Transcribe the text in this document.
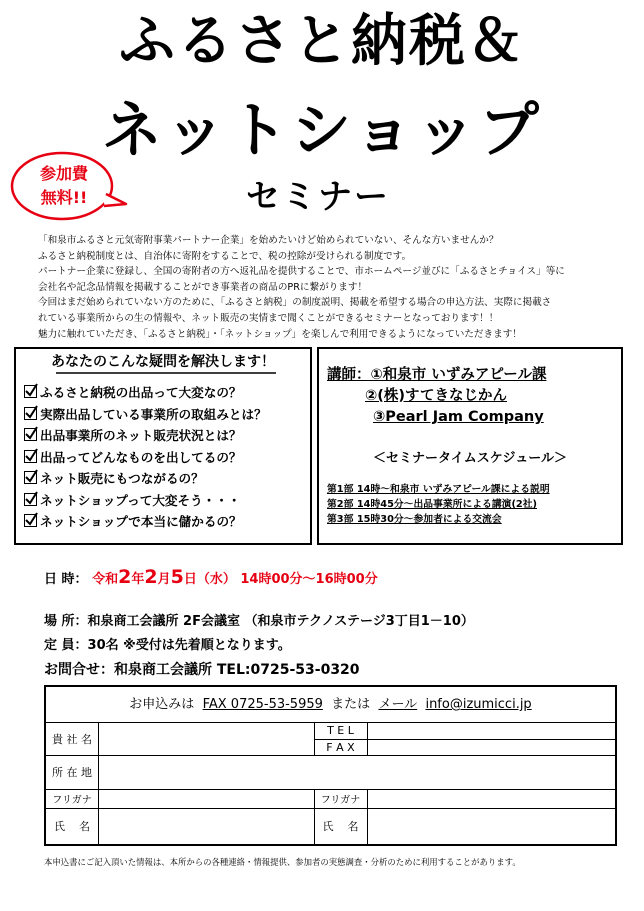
ふるさと納税＆
ネットショップ
セミナー
参加費
無料!!
「和泉市ふるさと元気寄附事業パートナー企業」を始めたいけど始められていない、そんな方いませんか？
ふるさと納税制度とは、自治体に寄附をすることで、税の控除が受けられる制度です。
パートナー企業に登録し、全国の寄附者の方へ返礼品を提供することで、市ホームページ並びに「ふるさとチョイス」等に
会社名や記念品情報を掲載することができ事業者の商品のPRに繋がります！
今回はまだ始められていない方のために、「ふるさと納税」の制度説明、掲載を希望する場合の申込方法、実際に掲載さ
れている事業所からの生の情報や、ネット販売の実情まで聞くことができるセミナーとなっております！！
魅力に触れていただき、「ふるさと納税」・「ネットショップ」を楽しんで利用できるようになっていただきます！
あなたのこんな疑問を解決します！
ふるさと納税の出品って大変なの？
実際出品している事業所の取組みとは？
出品事業所のネット販売状況とは？
出品ってどんなものを出してるの？
ネット販売にもつながるの？
ネットショップって大変そう・・・
ネットショップで本当に儲かるの？
講師：①和泉市 いずみアピール課
②(株)すてきなじかん
③Pearl Jam Company
＜セミナータイムスケジュール＞
第1部 14時～和泉市 いずみアピール課による説明
第2部 14時45分～出品事業所による講演(2社)
第3部 15時30分～参加者による交流会
日 時： 令和2年2月5日（水） 14時00分～16時00分
場 所：和泉商工会議所 2F会議室 （和泉市テクノステージ3丁目1－10）
定 員：30名 ※受付は先着順となります。
お問合せ：和泉商工会議所 TEL:0725-53-0320
お申込みは FAX 0725-53-5959 または メール info@izumicci.jp
貴 社 名
T E L
F A X
所 在 地
フリガナ	フリガナ
氏    名	氏    名
本申込書にご記入頂いた情報は、本所からの各種連絡・情報提供、参加者の実態調査・分析のために利用することがあります。
